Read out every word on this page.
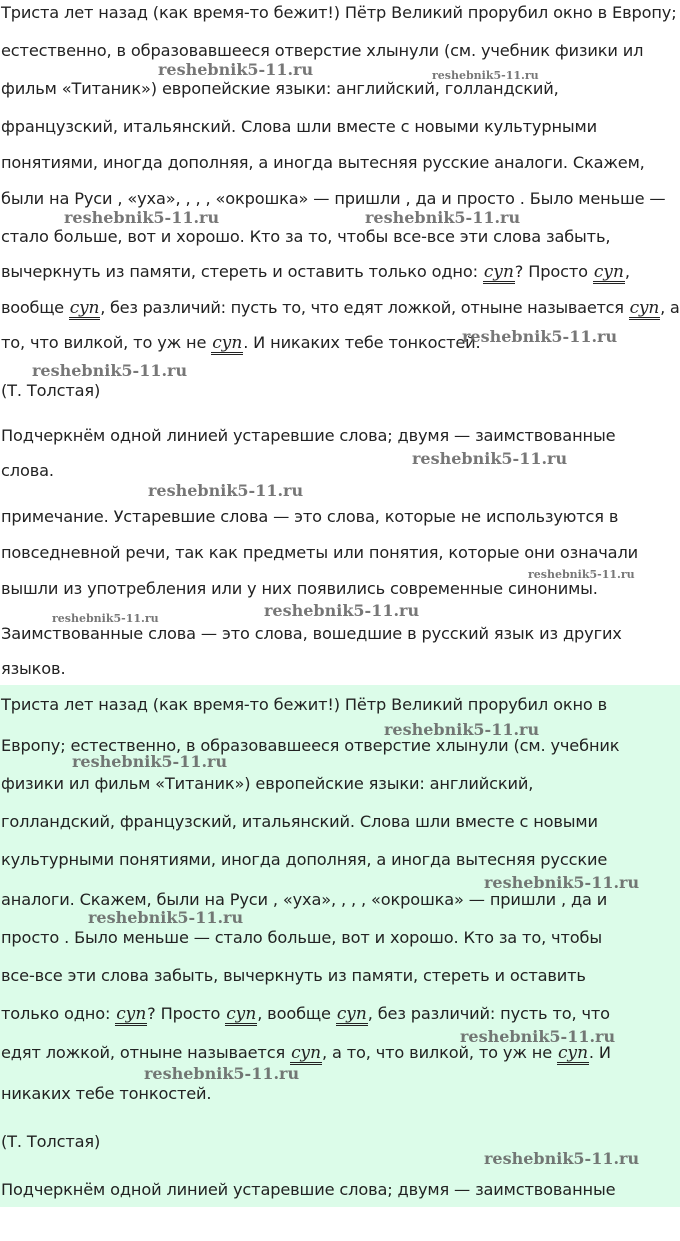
Триста лет назад (как время-то бежит!) Пётр Великий прорубил окно в Европу;
естественно, в образовавшееся отверстие хлынули (см. учебник физики ил
фильм «Титаник») европейские языки: английский, голландский,
французский, итальянский. Слова шли вместе с новыми культурными
понятиями, иногда дополняя, а иногда вытесняя русские аналоги. Скажем,
были на Руси , «уха», , , , «окрошка» — пришли , да и просто . Было меньше —
стало больше, вот и хорошо. Кто за то, чтобы все-все эти слова забыть,
вычеркнуть из памяти, стереть и оставить только одно: суп? Просто суп,
вообще суп, без различий: пусть то, что едят ложкой, отныне называется суп, а
то, что вилкой, то уж не суп. И никаких тебе тонкостей.
(Т. Толстая)
Подчеркнём одной линией устаревшие слова; двумя — заимствованные
слова.
примечание. Устаревшие слова — это слова, которые не используются в
повседневной речи, так как предметы или понятия, которые они означали
вышли из употребления или у них появились современные синонимы.
Заимствованные слова — это слова, вошедшие в русский язык из других
языков.
Триста лет назад (как время-то бежит!) Пётр Великий прорубил окно в
Европу; естественно, в образовавшееся отверстие хлынули (см. учебник
физики ил фильм «Титаник») европейские языки: английский,
голландский, французский, итальянский. Слова шли вместе с новыми
культурными понятиями, иногда дополняя, а иногда вытесняя русские
аналоги. Скажем, были на Руси , «уха», , , , «окрошка» — пришли , да и
просто . Было меньше — стало больше, вот и хорошо. Кто за то, чтобы
все-все эти слова забыть, вычеркнуть из памяти, стереть и оставить
только одно: суп? Просто суп, вообще суп, без различий: пусть то, что
едят ложкой, отныне называется суп, а то, что вилкой, то уж не суп. И
никаких тебе тонкостей.
(Т. Толстая)
Подчеркнём одной линией устаревшие слова; двумя — заимствованные
reshebnik5-11.ru	reshebnik5-11.ru
reshebnik5-11.ru	reshebnik5-11.ru
reshebnik5-11.ru
reshebnik5-11.ru
reshebnik5-11.ru
reshebnik5-11.ru
reshebnik5-11.ru
reshebnik5-11.ru	reshebnik5-11.ru
reshebnik5-11.ru
reshebnik5-11.ru
reshebnik5-11.ru
reshebnik5-11.ru
reshebnik5-11.ru
reshebnik5-11.ru
reshebnik5-11.ru
